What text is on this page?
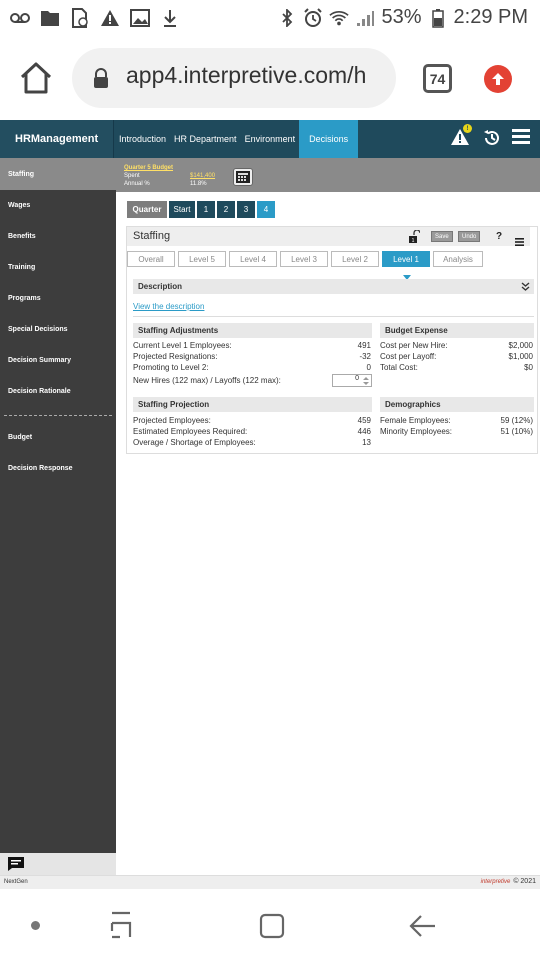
53% 2:29 PM
app4.interpretive.com/h	74
HRManagement	Introduction HR Department Environment	Decisions
!
Staffing
Wages
Benefits
Training
Programs
Special Decisions
Decision Summary
Decision Rationale
Budget
Decision Response
Quarter 5 Budget
Spent	$141,400
Annual %	11.8%
Quarter	Start	1	2	3	4
Staffing	1
Save	Undo	?
Overall	Level 5	Level 4	Level 3	Level 2	Level 1	Analysis
Description
View the description
Staffing Adjustments
Current Level 1 Employees:	491
Projected Resignations:	-32
Promoting to Level 2:	0
New Hires (122 max) / Layoffs (122 max):	0
Budget Expense
Cost per New Hire:	$2,000
Cost per Layoff:	$1,000
Total Cost:	$0
Staffing Projection
Projected Employees:	459
Estimated Employees Required:	446
Overage / Shortage of Employees:	13
Demographics
Female Employees:	59 (12%)
Minority Employees:	51 (10%)
NextGen	interpretive © 2021
